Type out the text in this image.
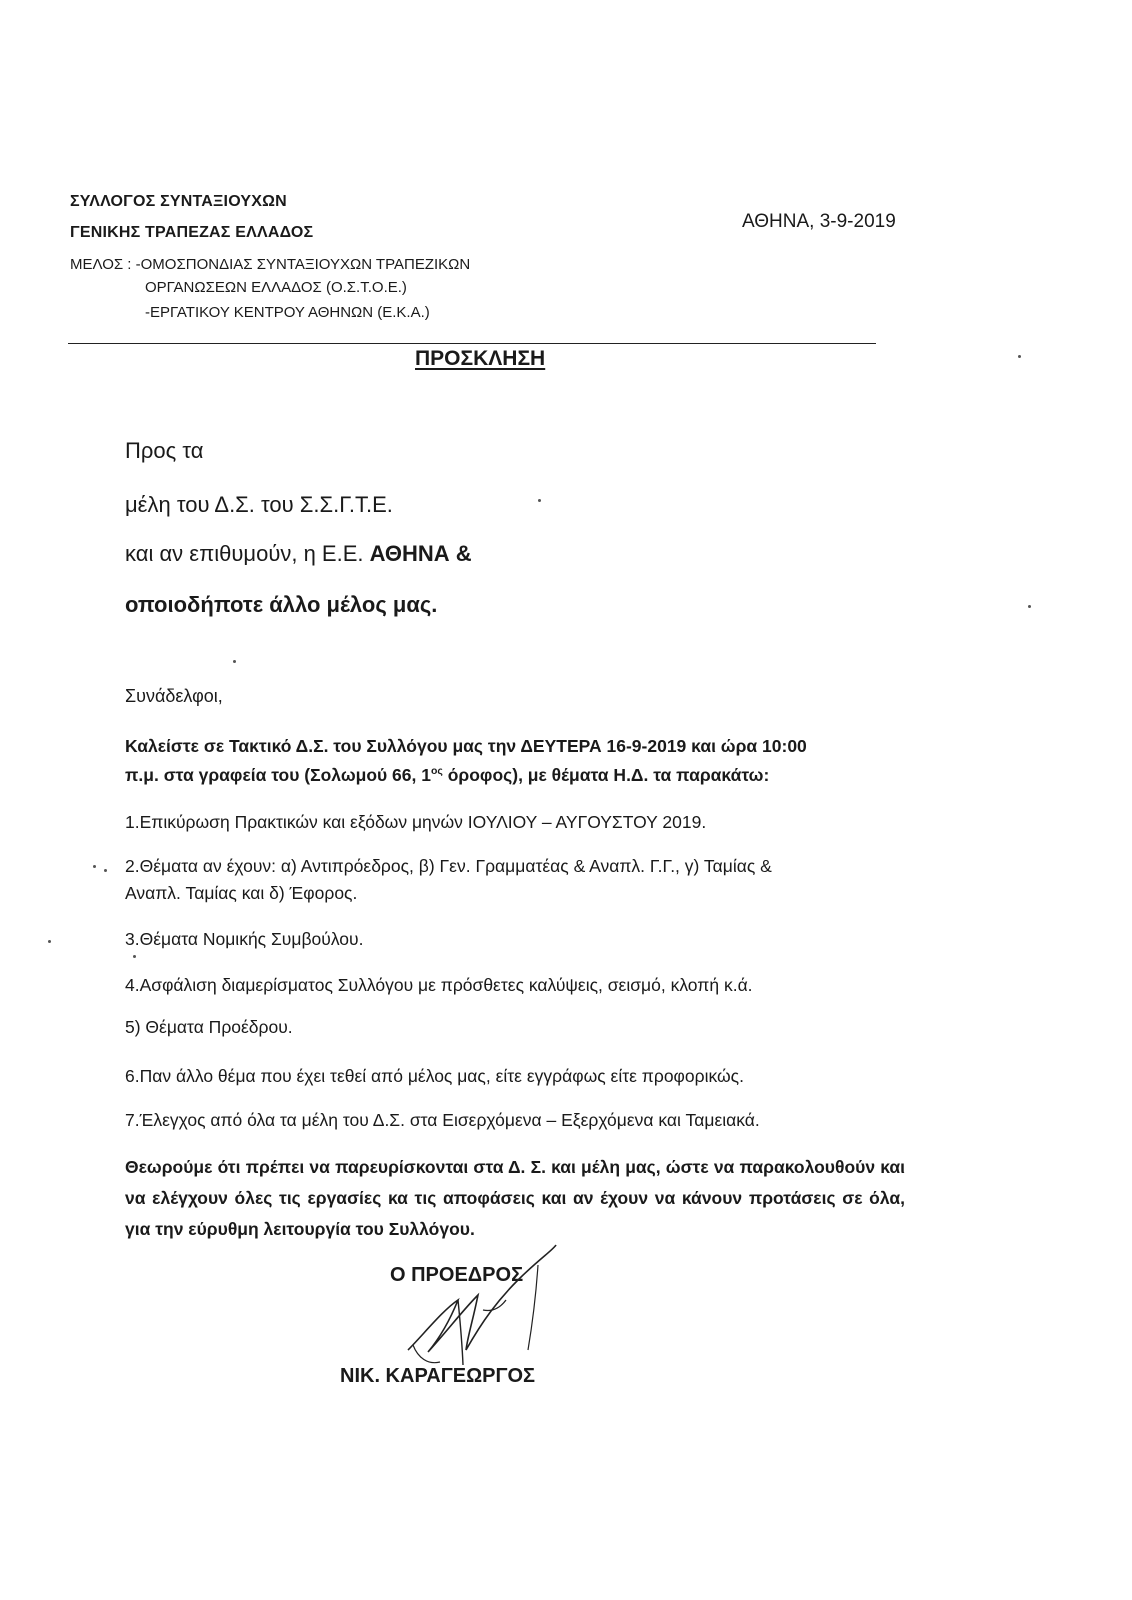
ΣΥΛΛΟΓΟΣ ΣΥΝΤΑΞΙΟΥΧΩΝ
ΓΕΝΙΚΗΣ ΤΡΑΠΕΖΑΣ ΕΛΛΑΔΟΣ
ΜΕΛΟΣ : -ΟΜΟΣΠΟΝΔΙΑΣ ΣΥΝΤΑΞΙΟΥΧΩΝ ΤΡΑΠΕΖΙΚΩΝ
ΟΡΓΑΝΩΣΕΩΝ ΕΛΛΑΔΟΣ (Ο.Σ.Τ.Ο.Ε.)
-ΕΡΓΑΤΙΚΟΥ ΚΕΝΤΡΟΥ ΑΘΗΝΩΝ (Ε.Κ.Α.)
ΑΘΗΝΑ, 3-9-2019
ΠΡΟΣΚΛΗΣΗ
Προς τα
μέλη του Δ.Σ. του Σ.Σ.Γ.Τ.Ε.
και αν επιθυμούν, η Ε.Ε. ΑΘΗΝΑ &
οποιοδήποτε άλλο μέλος μας.
Συνάδελφοι,
Καλείστε σε Τακτικό Δ.Σ. του Συλλόγου μας την ΔΕΥΤΕΡΑ 16-9-2019 και ώρα 10:00
π.μ. στα γραφεία του (Σολωμού 66, $1^{o\varsigma}$ όροφος), με θέματα Η.Δ. τα παρακάτω:
1.Επικύρωση Πρακτικών και εξόδων μηνών ΙΟΥΛΙΟΥ – ΑΥΓΟΥΣΤΟΥ 2019.
2.Θέματα αν έχουν: α) Αντιπρόεδρος, β) Γεν. Γραμματέας & Αναπλ. Γ.Γ., γ) Ταμίας &
Αναπλ. Ταμίας και δ) Έφορος.
3.Θέματα Νομικής Συμβούλου.
4.Ασφάλιση διαμερίσματος Συλλόγου με πρόσθετες καλύψεις, σεισμό, κλοπή κ.ά.
5) Θέματα Προέδρου.
6.Παν άλλο θέμα που έχει τεθεί από μέλος μας, είτε εγγράφως είτε προφορικώς.
7.Έλεγχος από όλα τα μέλη του Δ.Σ. στα Εισερχόμενα – Εξερχόμενα και Ταμειακά.
Θεωρούμε ότι πρέπει να παρευρίσκονται στα Δ. Σ. και μέλη μας, ώστε να παρακολουθούν και να ελέγχουν όλες τις εργασίες κα τις αποφάσεις και αν έχουν να κάνουν προτάσεις σε όλα, για την εύρυθμη λειτουργία του Συλλόγου.
Ο ΠΡΟΕΔΡΟΣ
ΝΙΚ. ΚΑΡΑΓΕΩΡΓΟΣ
